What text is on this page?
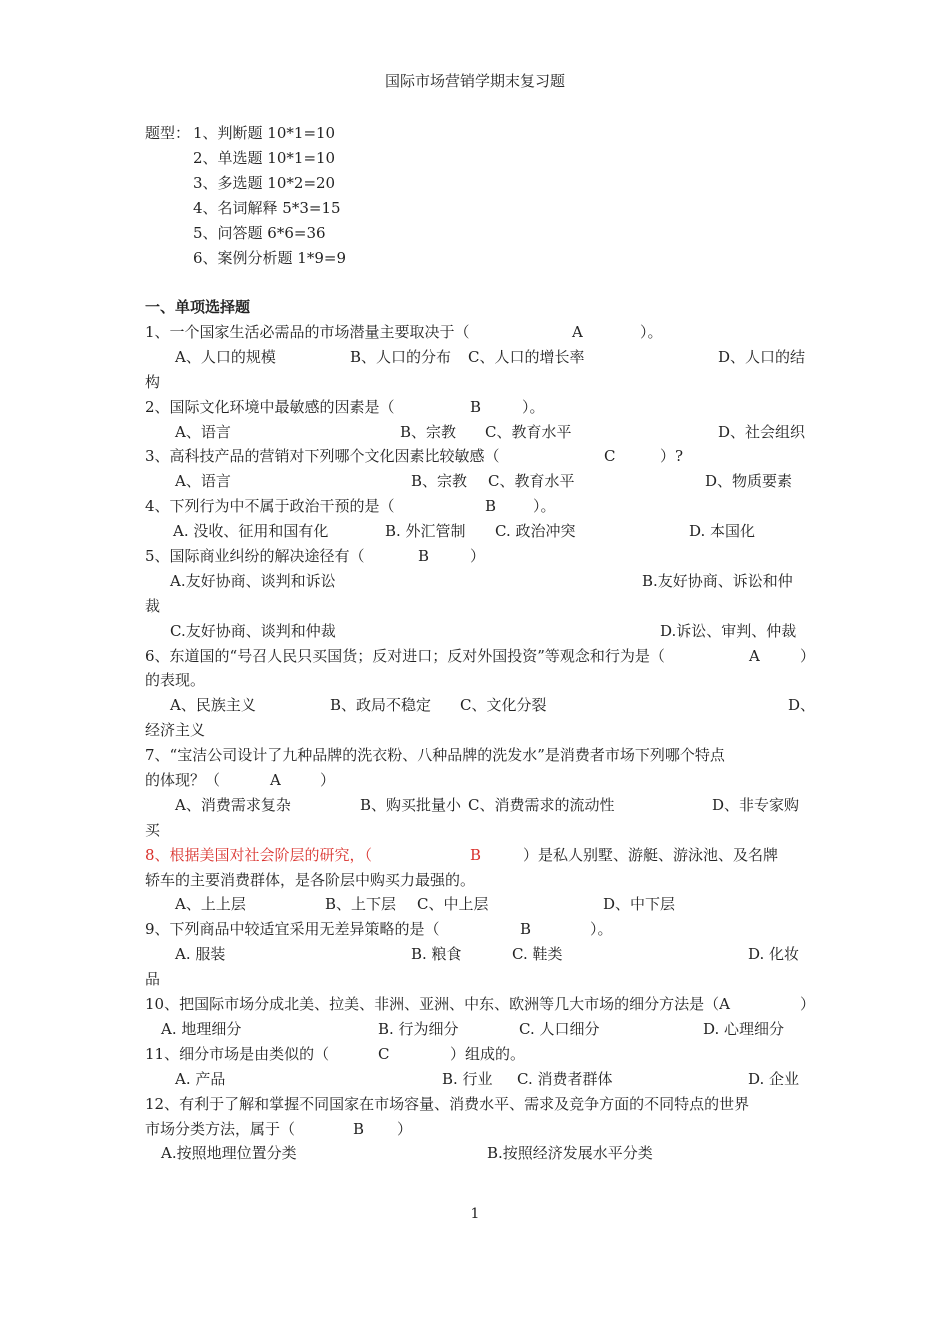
国际市场营销学期末复习题
题型： 1、判断题 10*1=10
2、单选题 10*1=10
3、多选题 10*2=20
4、名词解释 5*3=15
5、问答题 6*6=36
6、案例分析题 1*9=9
一、单项选择题
1、一个国家生活必需品的市场潜量主要取决于（	A	）。
A、人口的规模	B、人口的分布 C、人口的增长率	D、人口的结
构
2、国际文化环境中最敏感的因素是（	B	）。
A、语言	B、宗教 C、教育水平	D、社会组织
3、高科技产品的营销对下列哪个文化因素比较敏感（	C	）?
A、语言	B、宗教 C、教育水平	D、物质要素
4、下列行为中不属于政治干预的是（	B ）。
A. 没收、征用和国有化	B. 外汇管制 C. 政治冲突	D. 本国化
5、国际商业纠纷的解决途径有（	B	）
A.友好协商、谈判和诉讼	B.友好协商、诉讼和仲
裁
C.友好协商、谈判和仲裁	D.诉讼、审判、仲裁
6、东道国的“号召人民只买国货；反对进口；反对外国投资”等观念和行为是（	A	）
的表现。
A、民族主义	B、政局不稳定 C、文化分裂	D、
经济主义
7、“宝洁公司设计了九种品牌的洗衣粉、八种品牌的洗发水”是消费者市场下列哪个特点
的体现？（	A	）
A、消费需求复杂	B、购买批量小 C、消费需求的流动性	D、非专家购
买
8、根据美国对社会阶层的研究，（	B	）是私人别墅、游艇、游泳池、及名牌
轿车的主要消费群体，是各阶层中购买力最强的。
A、上上层	B、上下层 C、中上层	D、中下层
9、下列商品中较适宜采用无差异策略的是（	B	）。
A. 服装	B. 粮食	C. 鞋类	D. 化妆
品
10、把国际市场分成北美、拉美、非洲、亚洲、中东、欧洲等几大市场的细分方法是（A	）
A. 地理细分	B. 行为细分	C. 人口细分	D. 心理细分
11、细分市场是由类似的（	C	）组成的。
A. 产品	B. 行业 C. 消费者群体	D. 企业
12、有利于了解和掌握不同国家在市场容量、消费水平、需求及竞争方面的不同特点的世界
市场分类方法，属于（	B ）
A.按照地理位置分类	B.按照经济发展水平分类
1
